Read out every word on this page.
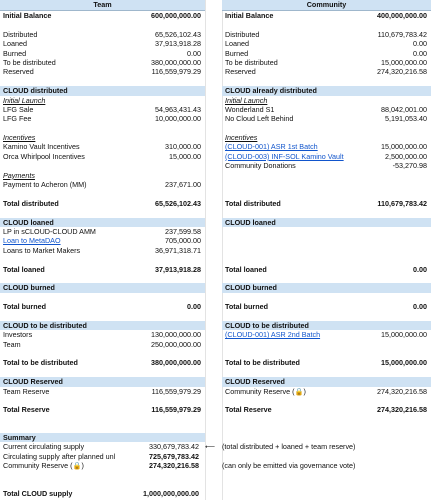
Team
Initial Balance	600,000,000.00
Distributed	65,526,102.43
Loaned	37,913,918.28
Burned	0.00
To be distributed	380,000,000.00
Reserved	116,559,979.29
CLOUD distributed
Initial Launch
LFG Sale	54,963,431.43
LFG Fee	10,000,000.00
Incentives
Kamino Vault Incentives	310,000.00
Orca Whirlpool Incentives	15,000.00
Payments
Payment to Acheron (MM)	237,671.00
Total distributed	65,526,102.43
CLOUD loaned
LP in sCLOUD-CLOUD AMM	237,599.58
Loan to MetaDAO	705,000.00
Loans to Market Makers	36,971,318.71
Total loaned	37,913,918.28
CLOUD burned
Total burned	0.00
CLOUD to be distributed
Investors	130,000,000.00
Team	250,000,000.00
Total to be distributed	380,000,000.00
CLOUD Reserved
Team Reserve	116,559,979.29
Total Reserve	116,559,979.29
Community
Initial Balance	400,000,000.00
Distributed	110,679,783.42
Loaned	0.00
Burned	0.00
To be distributed	15,000,000.00
Reserved	274,320,216.58
CLOUD already distributed
Initial Launch
Wonderland S1	88,042,001.00
No Cloud Left Behind	5,191,053.40
Incentives
(CLOUD-001) ASR 1st Batch	15,000,000.00
(CLOUD-003) INF-SOL Kamino Vault	2,500,000.00
Community Donations	-53,270.98
Total distributed	110,679,783.42
CLOUD loaned
Total loaned	0.00
CLOUD burned
Total burned	0.00
CLOUD to be distributed
(CLOUD-001) ASR 2nd Batch	15,000,000.00
Total to be distributed	15,000,000.00
CLOUD Reserved
Community Reserve (🔒)	274,320,216.58
Total Reserve	274,320,216.58
Summary
Current circulating supply	330,679,783.42 ⟵ (total distributed + loaned + team reserve)
Circulating supply after planned unl	725,679,783.42
Community Reserve (🔒)	274,320,216.58	(can only be emitted via governance vote)
Total CLOUD supply	1,000,000,000.00
